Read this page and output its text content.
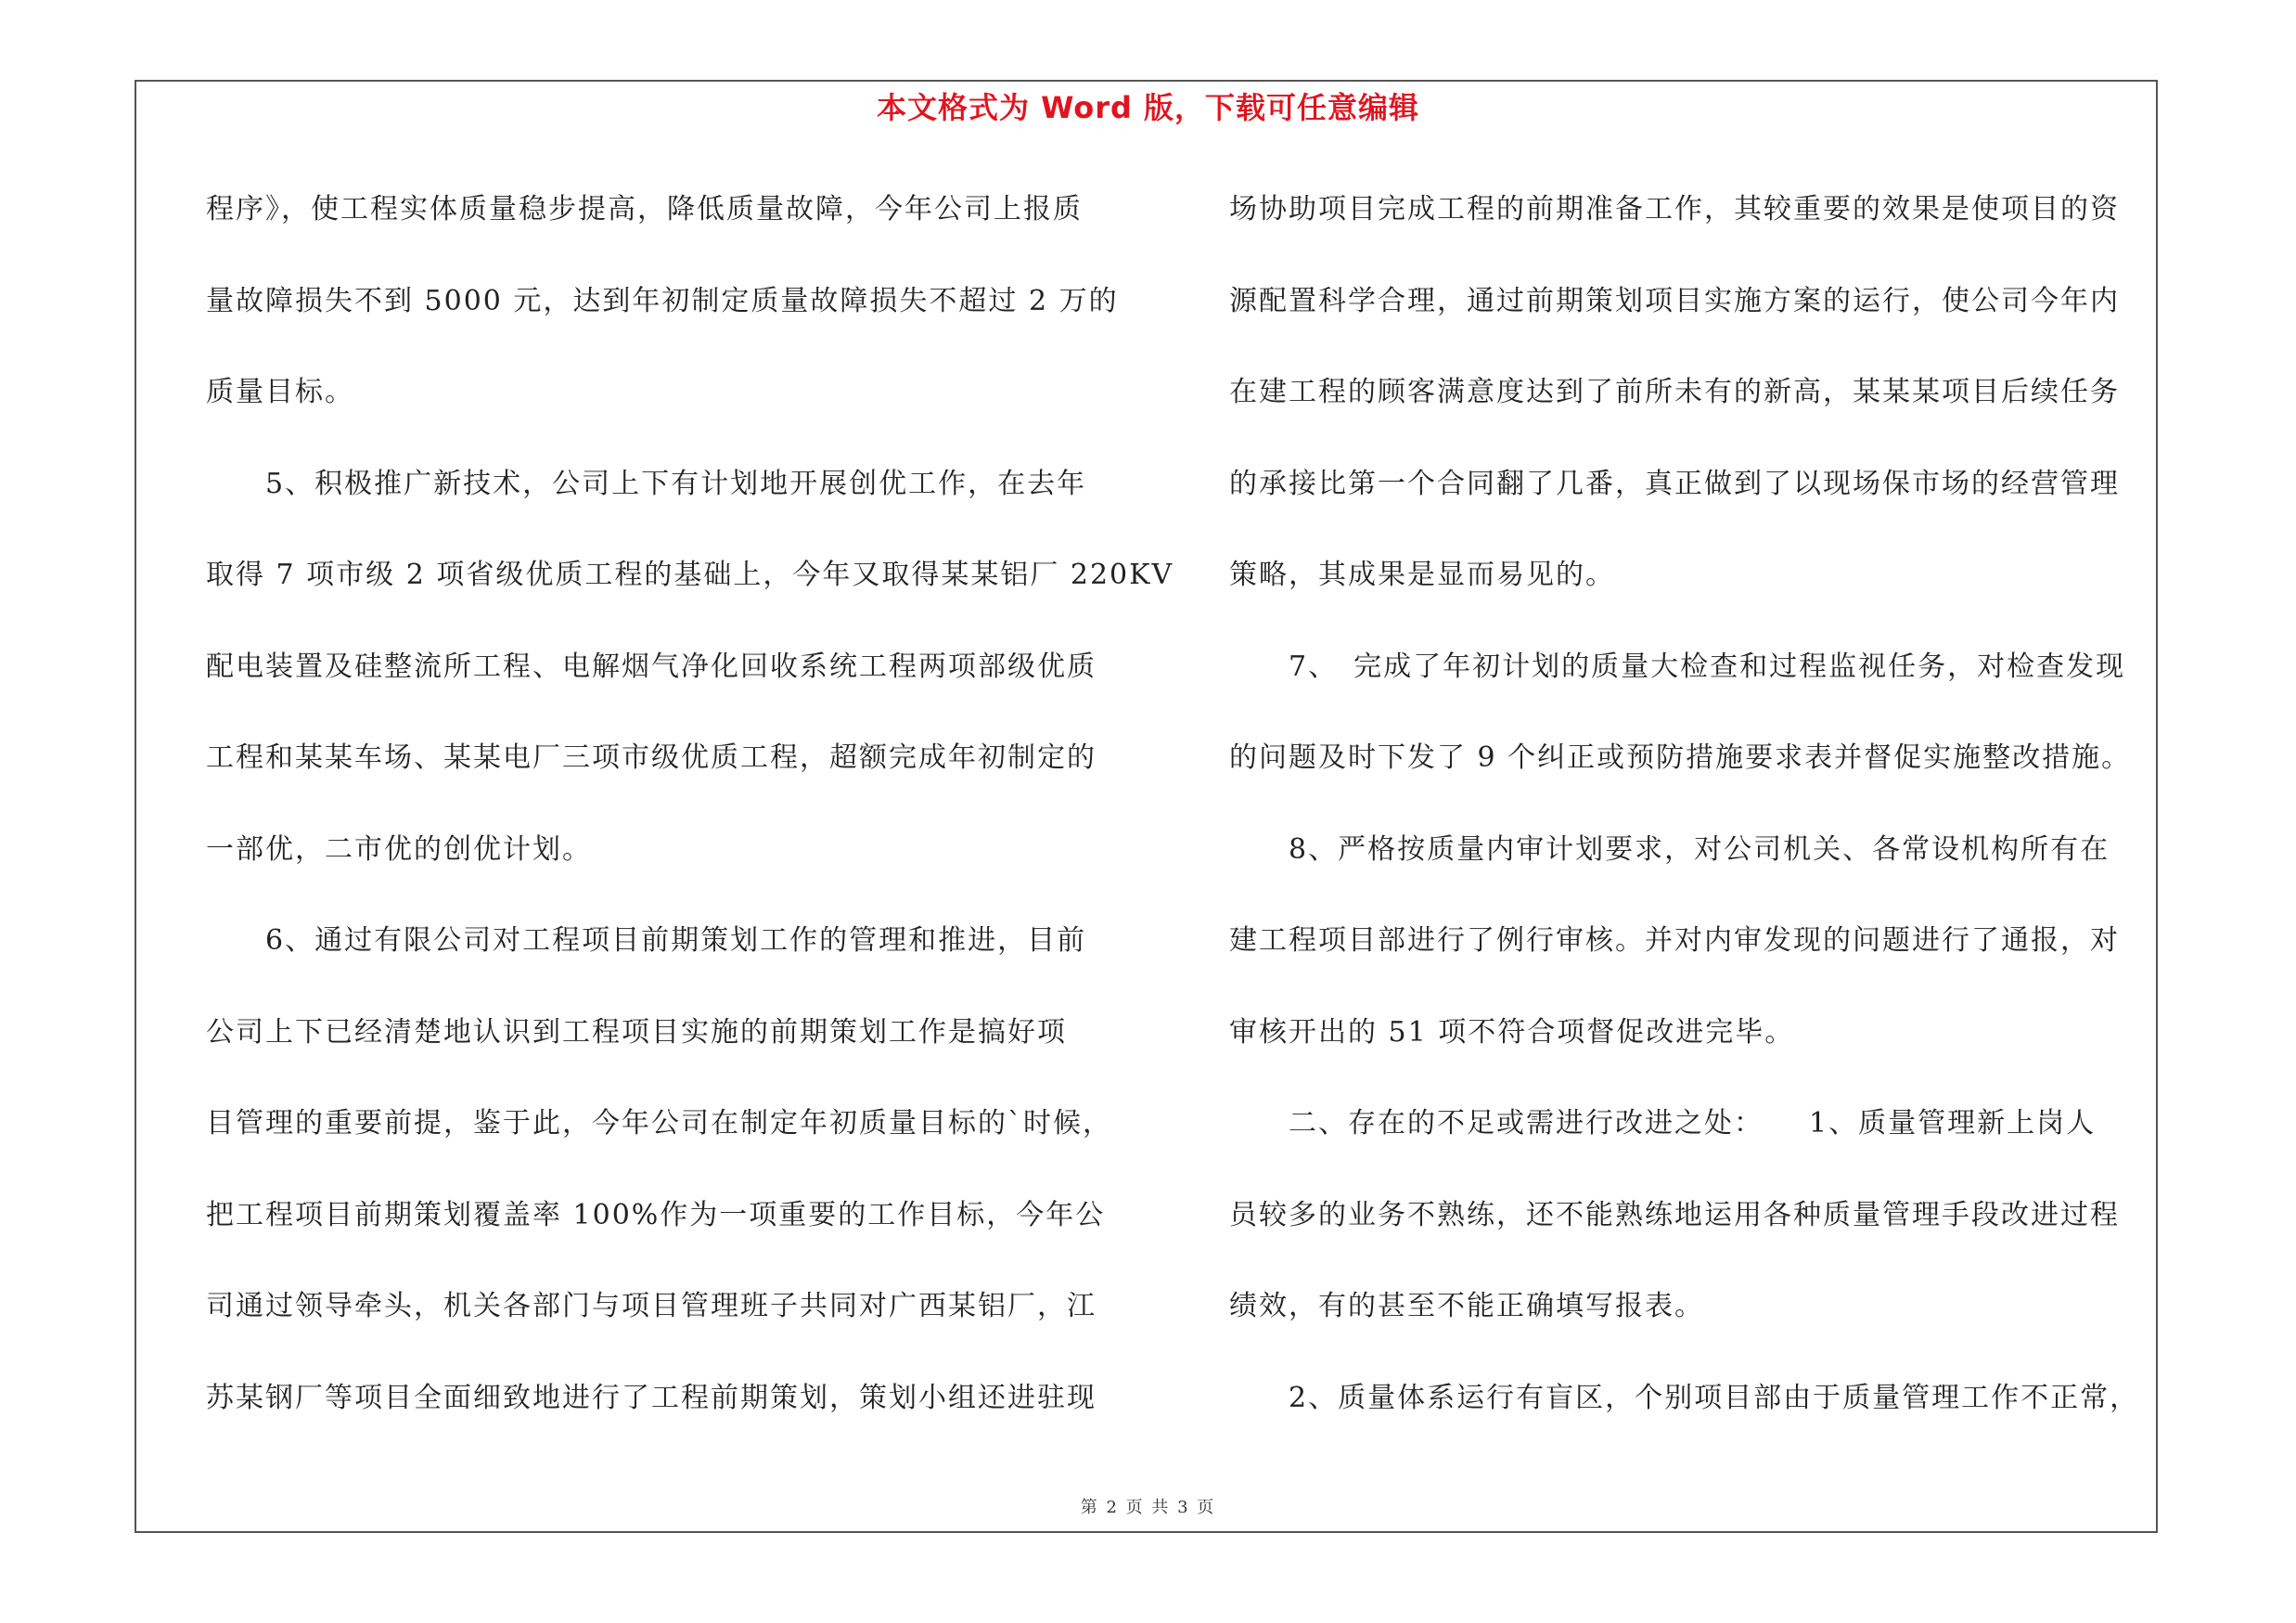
本文格式为 Word 版，下载可任意编辑
程序》，使工程实体质量稳步提高，降低质量故障，今年公司上报质
量故障损失不到 5000 元，达到年初制定质量故障损失不超过 2 万的
质量目标。
　　5、积极推广新技术，公司上下有计划地开展创优工作，在去年
取得 7 项市级 2 项省级优质工程的基础上，今年又取得某某铝厂 220KV
配电装置及硅整流所工程、电解烟气净化回收系统工程两项部级优质
工程和某某车场、某某电厂三项市级优质工程，超额完成年初制定的
一部优，二市优的创优计划。
　　6、通过有限公司对工程项目前期策划工作的管理和推进，目前
公司上下已经清楚地认识到工程项目实施的前期策划工作是搞好项
目管理的重要前提，鉴于此，今年公司在制定年初质量目标的`时候，
把工程项目前期策划覆盖率 100%作为一项重要的工作目标，今年公
司通过领导牵头，机关各部门与项目管理班子共同对广西某铝厂，江
苏某钢厂等项目全面细致地进行了工程前期策划，策划小组还进驻现
场协助项目完成工程的前期准备工作，其较重要的效果是使项目的资
源配置科学合理，通过前期策划项目实施方案的运行，使公司今年内
在建工程的顾客满意度达到了前所未有的新高，某某某项目后续任务
的承接比第一个合同翻了几番，真正做到了以现场保市场的经营管理
策略，其成果是显而易见的。
　　7、　完成了年初计划的质量大检查和过程监视任务，对检查发现
的问题及时下发了 9 个纠正或预防措施要求表并督促实施整改措施。
　　8、严格按质量内审计划要求，对公司机关、各常设机构所有在
建工程项目部进行了例行审核。并对内审发现的问题进行了通报，对
审核开出的 51 项不符合项督促改进完毕。
　　二、存在的不足或需进行改进之处：　　1、质量管理新上岗人
员较多的业务不熟练，还不能熟练地运用各种质量管理手段改进过程
绩效，有的甚至不能正确填写报表。
　　2、质量体系运行有盲区，个别项目部由于质量管理工作不正常，
第 2 页 共 3 页
